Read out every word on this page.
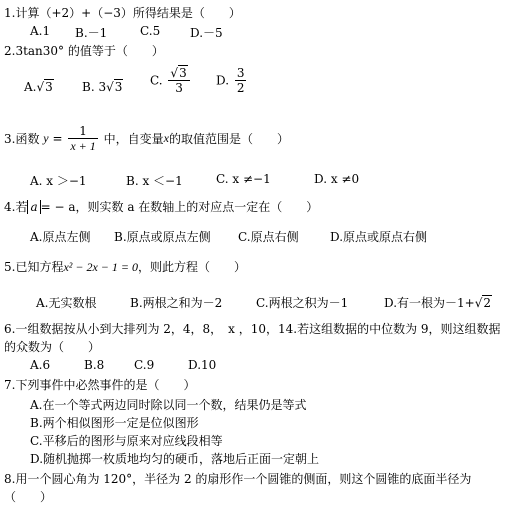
1.计算（+2）+（−3）所得结果是（　　）
A.1 B.－1	C.5 D.－5
2.3tan30° 的值等于（　　）
A.√3 B. 3√3 C. $\frac{√3}{3} D$. $\frac{3}{2}$
3.函数 $y = \frac{1}{x + 1}$ 中，自变量x的取值范围是（　　）
A. x ＞−1	B. x ＜−1	C. x ≠−1	D. x ≠0
4.若 a = − a，则实数 a 在数轴上的对应点一定在（　　）
A.原点左侧 B.原点或原点左侧 C.原点右侧	D.原点或原点右侧
5.已知方程x² − 2x − 1 = 0，则此方程（　　）
A.无实数根	B.两根之和为－2	C.两根之积为－1	D.有一根为－1+√2
6.一组数据按从小到大排列为 2，4，8，　x ，10，14.若这组数据的中位数为 9，则这组数据
的众数为（　　）
A.6	B.8 C.9	D.10
7.下列事件中必然事件的是（　　）
A.在一个等式两边同时除以同一个数，结果仍是等式
B.两个相似图形一定是位似图形
C.平移后的图形与原来对应线段相等
D.随机抛掷一枚质地均匀的硬币，落地后正面一定朝上
8.用一个圆心角为 120°，半径为 2 的扇形作一个圆锥的侧面，则这个圆锥的底面半径为
（　　）
